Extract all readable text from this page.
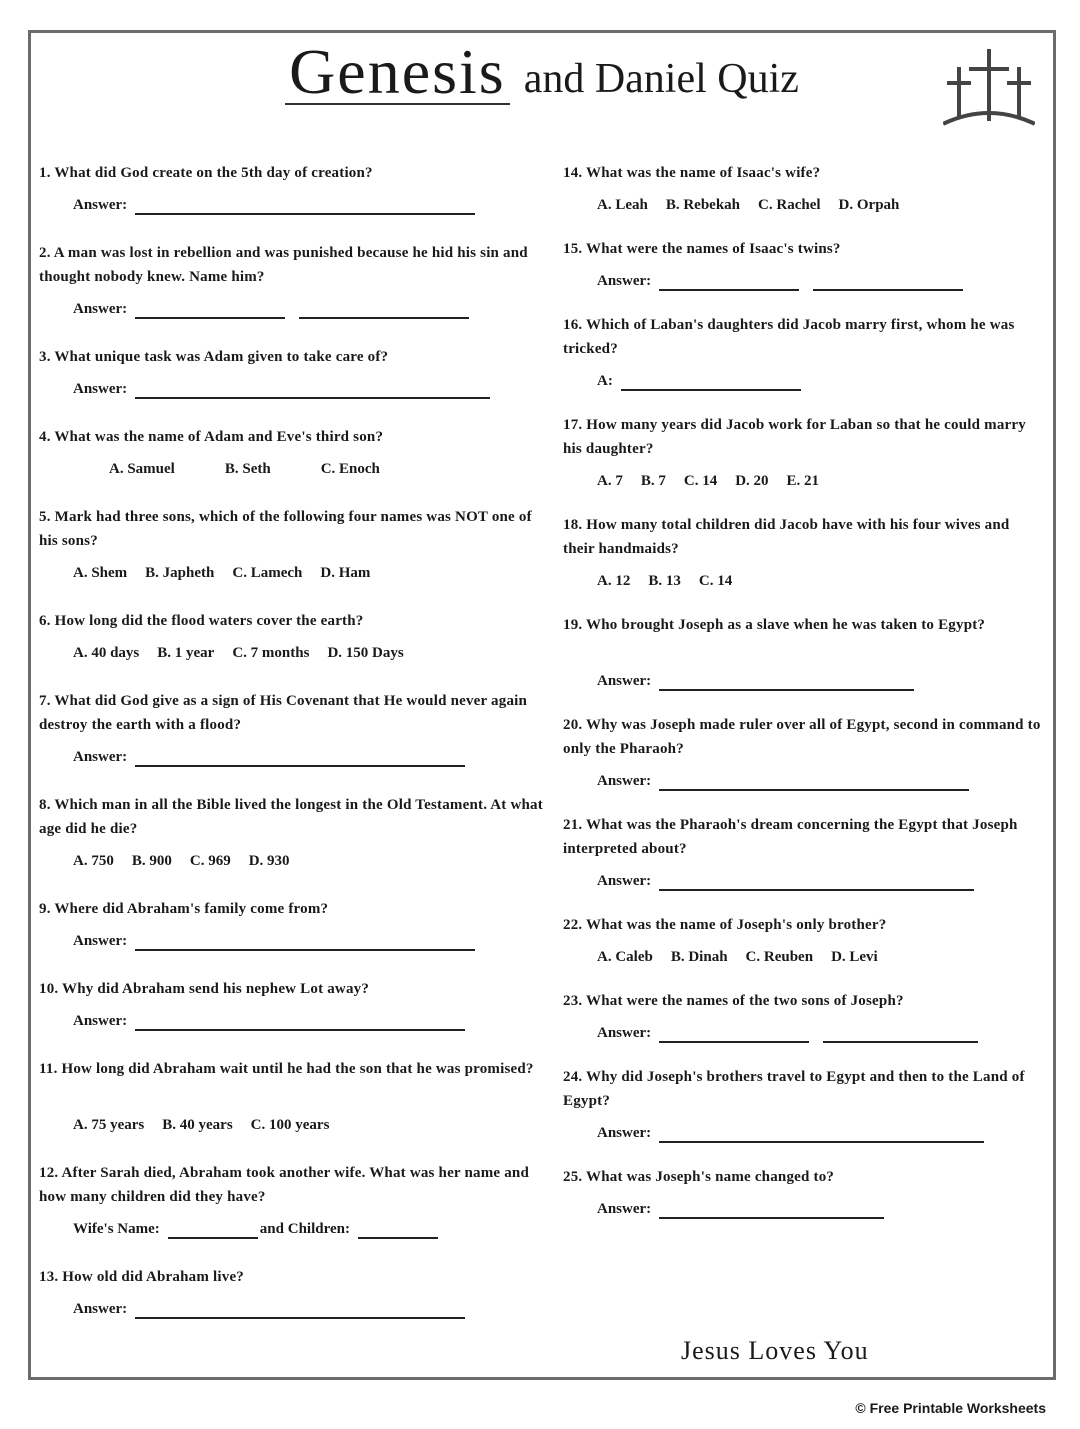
Genesis and Daniel Quiz
1. What did God create on the 5th day of creation?
Answer:
2. A man was lost in rebellion and was punished because he hid his sin and thought nobody knew. Name him?
Answer:
3. What unique task was Adam given to take care of?
Answer:
4. What was the name of Adam and Eve's third son?
A. Samuel	B. Seth	C. Enoch
5. Mark had three sons, which of the following four names was NOT one of his sons?
A. Shem B. Japheth C. Lamech D. Ham
6. How long did the flood waters cover the earth?
A. 40 days B. 1 year C. 7 months D. 150 Days
7. What did God give as a sign of His Covenant that He would never again destroy the earth with a flood?
Answer:
8. Which man in all the Bible lived the longest in the Old Testament. At what age did he die?
A. 750 B. 900 C. 969 D. 930
9. Where did Abraham's family come from?
Answer:
10. Why did Abraham send his nephew Lot away?
Answer:
11. How long did Abraham wait until he had the son that he was promised?
A. 75 years B. 40 years C. 100 years
12. After Sarah died, Abraham took another wife. What was her name and how many children did they have?
Wife's Name:	and Children:
13. How old did Abraham live?
Answer:
14. What was the name of Isaac's wife?
A. Leah B. Rebekah C. Rachel D. Orpah
15. What were the names of Isaac's twins?
Answer:
16. Which of Laban's daughters did Jacob marry first, whom he was tricked?
A:
17. How many years did Jacob work for Laban so that he could marry his daughter?
A. 7 B. 7 C. 14 D. 20 E. 21
18. How many total children did Jacob have with his four wives and their handmaids?
A. 12 B. 13 C. 14
19. Who brought Joseph as a slave when he was taken to Egypt?
Answer:
20. Why was Joseph made ruler over all of Egypt, second in command to only the Pharaoh?
Answer:
21. What was the Pharaoh's dream concerning the Egypt that Joseph interpreted about?
Answer:
22. What was the name of Joseph's only brother?
A. Caleb B. Dinah C. Reuben D. Levi
23. What were the names of the two sons of Joseph?
Answer:
24. Why did Joseph's brothers travel to Egypt and then to the Land of Egypt?
Answer:
25. What was Joseph's name changed to?
Answer:
Jesus Loves You
© Free Printable Worksheets
